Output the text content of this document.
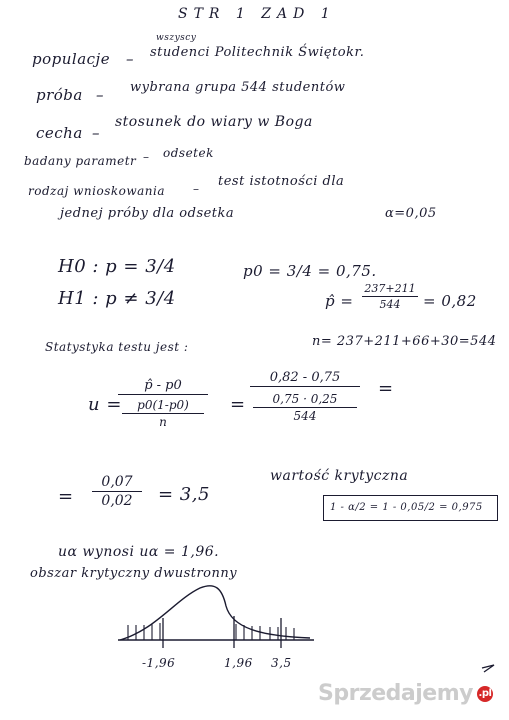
STR 1 ZAD 1
wszyscy
populacje – studenci Politechnik Świętokr.
próba – wybrana grupa 544 studentów
cecha –
stosunek do wiary w Boga
badany parametr – odsetek
rodzaj wnioskowania – test istotności dla
jednej próby dla odsetka	α=0,05
H0 : p = 3/4	p0 = 3/4 = 0,75.
H1 : p ≠ 3/4	p̂ =
237+211
544 = 0,82
Statystyka testu jest :	n= 237+211+66+30=544
u =
p̂ - p0
$\frac{p0(1-p0)}{n}$ =
0,82 - 0,75
$\frac{0,75 \cdot 0,25}{544}$
=
=
0,07
0,02 = 3,5
wartość krytyczna
1 - α/2 = 1 - 0,05/2 = 0,975
uα wynosi uα = 1,96.
obszar krytyczny dwustronny
-1,96	1,96 3,5
Sprzedajemy .pl
